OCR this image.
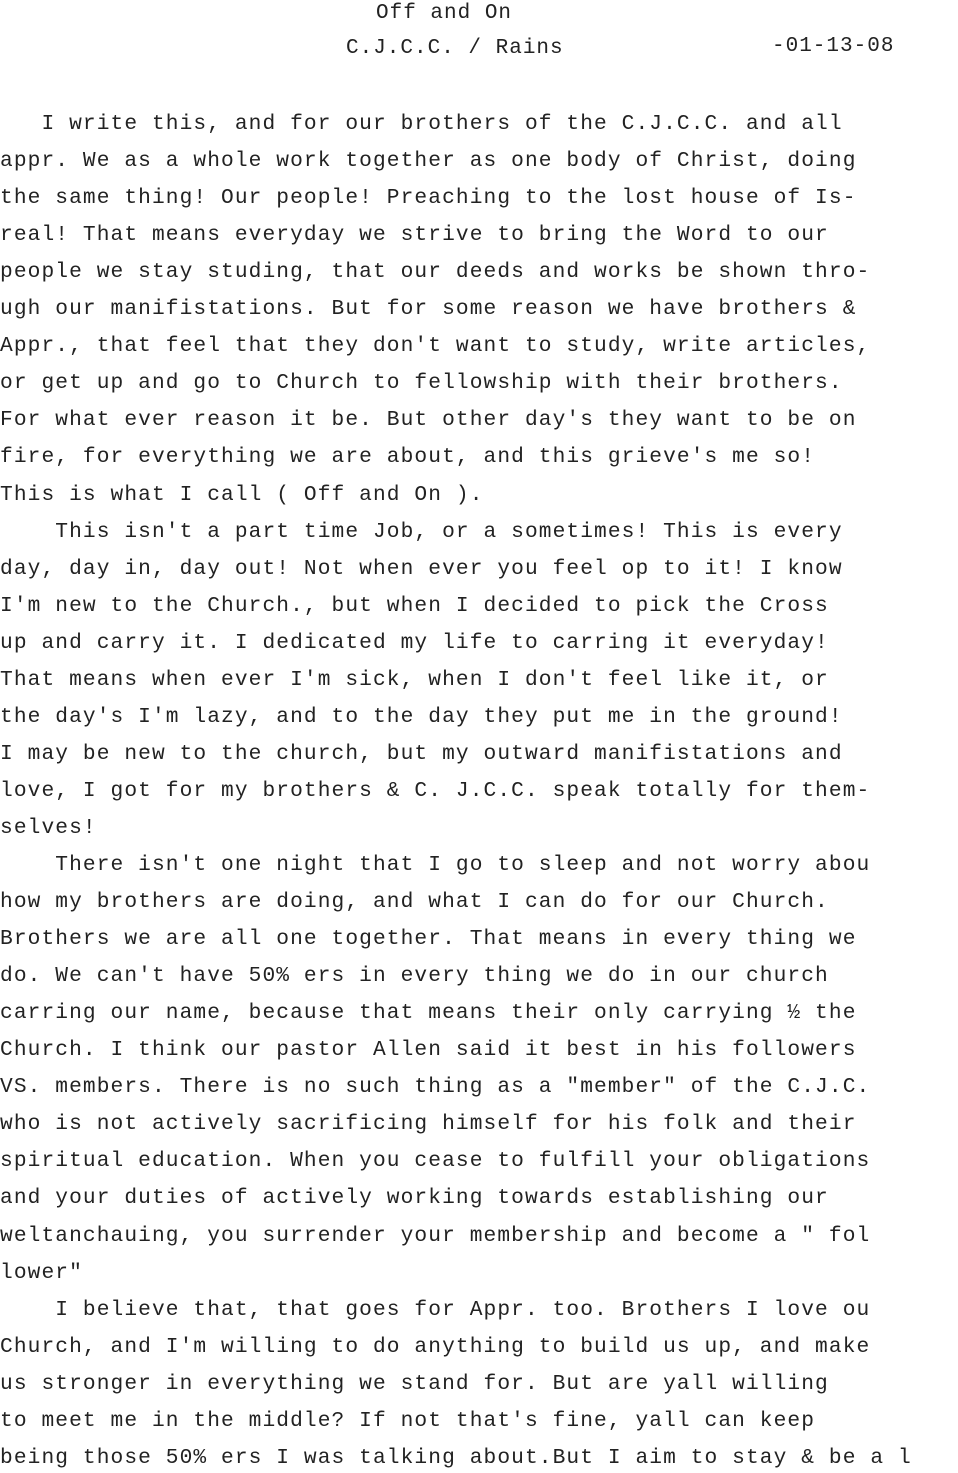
Off and On
C.J.C.C. / Rains	-01-13-08
I write this, and for our brothers of the C.J.C.C. and all
appr. We as a whole work together as one body of Christ, doing
the same thing! Our people! Preaching to the lost house of Is-
real! That means everyday we strive to bring the Word to our
people we stay studing, that our deeds and works be shown thro-
ugh our manifistations. But for some reason we have brothers &
Appr., that feel that they don't want to study, write articles,
or get up and go to Church to fellowship with their brothers.
For what ever reason it be. But other day's they want to be on
fire, for everything we are about, and this grieve's me so!
This is what I call ( Off and On ).
This isn't a part time Job, or a sometimes! This is every
day, day in, day out! Not when ever you feel op to it! I know
I'm new to the Church., but when I decided to pick the Cross
up and carry it. I dedicated my life to carring it everyday!
That means when ever I'm sick, when I don't feel like it, or
the day's I'm lazy, and to the day they put me in the ground!
I may be new to the church, but my outward manifistations and
love, I got for my brothers & C. J.C.C. speak totally for them-
selves!
There isn't one night that I go to sleep and not worry abou
how my brothers are doing, and what I can do for our Church.
Brothers we are all one together. That means in every thing we
do. We can't have 50% ers in every thing we do in our church
carring our name, because that means their only carrying ½ the
Church. I think our pastor Allen said it best in his followers
VS. members. There is no such thing as a "member" of the C.J.C.
who is not actively sacrificing himself for his folk and their
spiritual education. When you cease to fulfill your obligations
and your duties of actively working towards establishing our
weltanchauing, you surrender your membership and become a " fol
lower"
I believe that, that goes for Appr. too. Brothers I love ou
Church, and I'm willing to do anything to build us up, and make
us stronger in everything we stand for. But are yall willing
to meet me in the middle? If not that's fine, yall can keep
being those 50% ers I was talking about.But I aim to stay & be a l
